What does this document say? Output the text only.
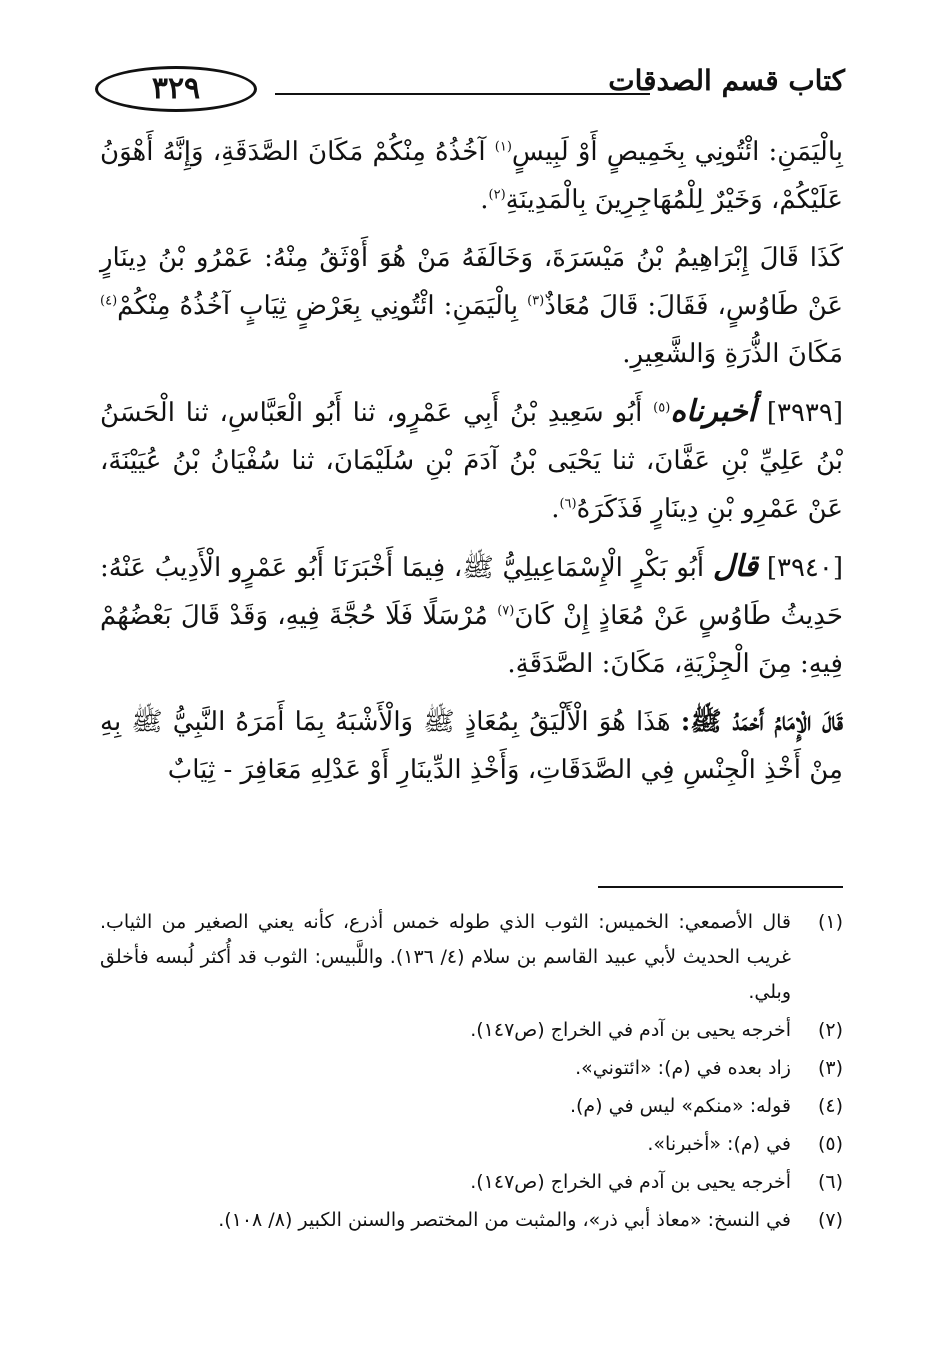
كتاب قسم الصدقات
٣٢٩

بِالْيَمَنِ: ائْتُونِي بِخَمِيصٍ أَوْ لَبِيسٍ$^{(١)}$ آخُذُهُ مِنْكُمْ مَكَانَ الصَّدَقَةِ، وَإِنَّهُ أَهْوَنُ عَلَيْكُمْ، وَخَيْرٌ لِلْمُهَاجِرِينَ بِالْمَدِينَةِ$^{(٢)}$.

كَذَا قَالَ إِبْرَاهِيمُ بْنُ مَيْسَرَةَ، وَخَالَفَهُ مَنْ هُوَ أَوْثَقُ مِنْهُ: عَمْرُو بْنُ دِينَارٍ عَنْ طَاوُسٍ، فَقَالَ: قَالَ مُعَاذٌ$^{(٣)}$ بِالْيَمَنِ: ائْتُونِي بِعَرْضٍ ثِيَابٍ آخُذُهُ مِنْكُمْ$^{(٤)}$ مَكَانَ الذُّرَةِ وَالشَّعِيرِ.

[٣٩٣٩] أخبرناه$^{(٥)}$ أَبُو سَعِيدِ بْنُ أَبِي عَمْرٍو، ثنا أَبُو الْعَبَّاسِ، ثنا الْحَسَنُ بْنُ عَلِيِّ بْنِ عَفَّانَ، ثنا يَحْيَى بْنُ آدَمَ بْنِ سُلَيْمَانَ، ثنا سُفْيَانُ بْنُ عُيَيْنَةَ، عَنْ عَمْرِو بْنِ دِينَارٍ فَذَكَرَهُ$^{(٦)}$.

[٣٩٤٠] قال أَبُو بَكْرٍ الْإِسْمَاعِيلِيُّ ﷺ، فِيمَا أَخْبَرَنَا أَبُو عَمْرٍو الْأَدِيبُ عَنْهُ: حَدِيثُ طَاوُسٍ عَنْ مُعَاذٍ إِنْ كَانَ$^{(٧)}$ مُرْسَلًا فَلَا حُجَّةَ فِيهِ، وَقَدْ قَالَ بَعْضُهُمْ فِيهِ: مِنَ الْجِزْيَةِ، مَكَانَ: الصَّدَقَةِ.

قَالَ الْإِمَامُ أَحْمَدُ ﷺ: هَذَا هُوَ الْأَلْيَقُ بِمُعَاذٍ ﷺ وَالْأَشْبَهُ بِمَا أَمَرَهُ النَّبِيُّ ﷺ بِهِ مِنْ أَخْذِ الْجِنْسِ فِي الصَّدَقَاتِ، وَأَخْذِ الدِّينَارِ أَوْ عَدْلِهِ مَعَافِرَ - ثِيَابٌ

(١)
قال الأصمعي: الخميس: الثوب الذي طوله خمس أذرع، كأنه يعني الصغير من الثياب. غريب الحديث لأبي عبيد القاسم بن سلام (٤/ ١٣٦). واللَّبيس: الثوب قد أُكثر لُبسه فأخلق وبلي.
(٢)
أخرجه يحيى بن آدم في الخراج (ص١٤٧).
(٣)
زاد بعده في (م): «ائتوني».
(٤)
قوله: «منكم» ليس في (م).
(٥)
في (م): «أخبرنا».
(٦)
أخرجه يحيى بن آدم في الخراج (ص١٤٧).
(٧)
في النسخ: «معاذ أبي ذر»، والمثبت من المختصر والسنن الكبير (٨/ ١٠٨).
